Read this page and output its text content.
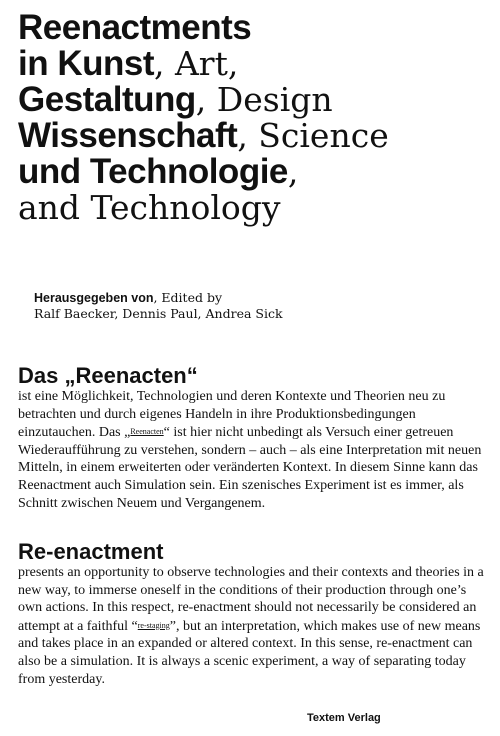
Reenactments
in Kunst, Art,
Gestaltung, Design
Wissenschaft, Science
und Technologie,
and Technology
Herausgegeben von, Edited by
Ralf Baecker, Dennis Paul, Andrea Sick
Das „Reenacten“

ist eine Möglichkeit, Technologien und deren Kontexte und Theorien neu zu betrachten und durch eigenes Handeln in ihre Produktionsbedingungen einzutauchen. Das „Reenacten“ ist hier nicht unbedingt als Versuch einer getreuen Wiederaufführung zu verstehen, sondern – auch – als eine Interpretation mit neuen Mitteln, in einem erweiterten oder veränderten Kontext. In diesem Sinne kann das Reenactment auch Simulation sein. Ein szenisches Experiment ist es immer, als Schnitt zwischen Neuem und Vergangenem.

Re-enactment

presents an opportunity to observe technologies and their contexts and theories in a new way, to immerse oneself in the conditions of their production through one’s own actions. In this respect, re-enactment should not necessarily be considered an attempt at a faithful “re-staging”, but an interpretation, which makes use of new means and takes place in an expanded or altered context. In this sense, re-enactment can also be a simulation. It is always a scenic experiment, a way of separating today from yesterday.

Textem Verlag
